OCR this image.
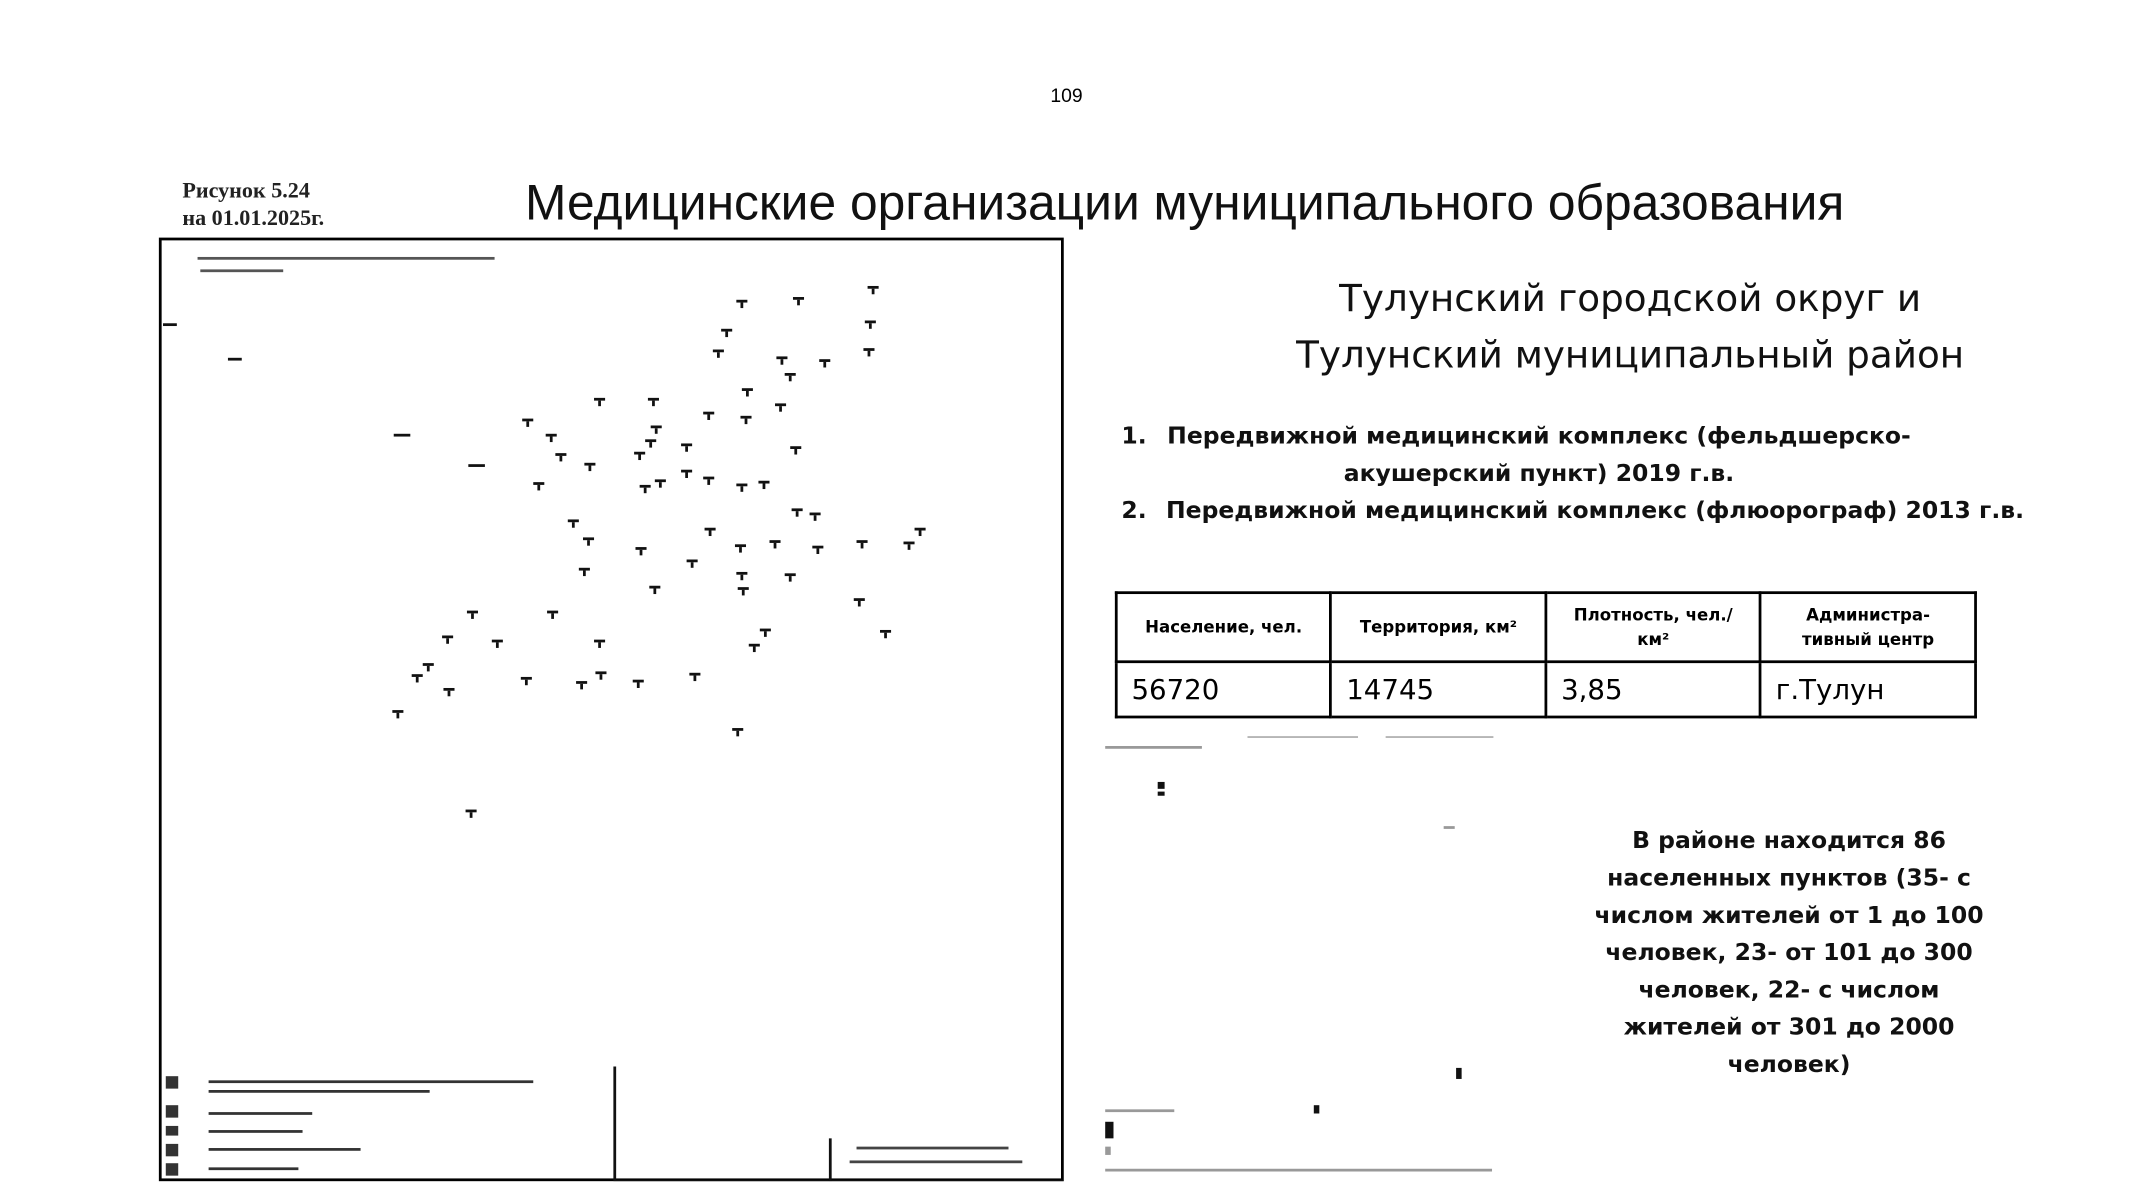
109
Рисунок 5.24
на 01.01.2025г.	Медицинские организации муниципального образования
Тулунский городской округ и
Тулунский муниципальный район
1.	Передвижной медицинский комплекс (фельдшерско-
акушерский пункт) 2019 г.в.
2.	Передвижной медицинский комплекс (флюорограф) 2013 г.в.
Население, чел.	Территория, км²	Плотность, чел./км²	Администра-тивный центр
56720	14745	3,85	г.Тулун
В районе находится 86 населенных пунктов (35- с числом жителей от 1 до 100 человек, 23- от 101 до 300 человек, 22- с числом жителей от 301 до 2000 человек)
